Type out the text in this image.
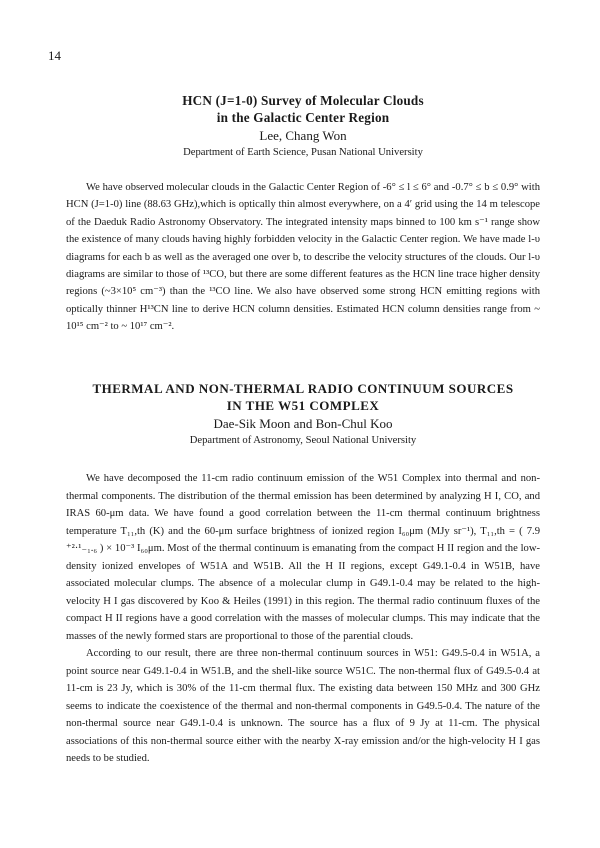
14
HCN (J=1-0) Survey of Molecular Clouds
in the Galactic Center Region
Lee, Chang Won
Department of Earth Science, Pusan National University

We have observed molecular clouds in the Galactic Center Region of -6° ≤ l ≤ 6° and -0.7° ≤ b ≤ 0.9° with HCN (J=1-0) line (88.63 GHz),which is optically thin almost everywhere, on a 4′ grid using the 14 m telescope of the Daeduk Radio Astronomy Observatory. The integrated intensity maps binned to 100 km s⁻¹ range show the existence of many clouds having highly forbidden velocity in the Galactic Center region. We have made l-υ diagrams for each b as well as the averaged one over b, to describe the velocity structures of the clouds. Our l-υ diagrams are similar to those of ¹³CO, but there are some different features as the HCN line trace higher density regions (~3×10⁵ cm⁻³) than the ¹³CO line. We also have observed some strong HCN emitting regions with optically thinner H¹³CN line to derive HCN column densities. Estimated HCN column densities range from ~ 10¹⁵ cm⁻² to ~ 10¹⁷ cm⁻².

THERMAL AND NON-THERMAL RADIO CONTINUUM SOURCES
IN THE W51 COMPLEX
Dae-Sik Moon and Bon-Chul Koo
Department of Astronomy, Seoul National University

We have decomposed the 11-cm radio continuum emission of the W51 Complex into thermal and non-thermal components. The distribution of the thermal emission has been determined by analyzing H I, CO, and IRAS 60-μm data. We have found a good correlation between the 11-cm thermal continuum brightness temperature T₁₁,th (K) and the 60-μm surface brightness of ionized region I₆₀μm (MJy sr⁻¹), T₁₁,th = ( 7.9 ⁺²·¹₋₁.₆ ) × 10⁻³ I₆₀μm. Most of the thermal continuum is emanating from the compact H II region and the low-density ionized envelopes of W51A and W51B. All the H II regions, except G49.1-0.4 in W51B, have associated molecular clumps. The absence of a molecular clump in G49.1-0.4 may be related to the high-velocity H I gas discovered by Koo & Heiles (1991) in this region. The thermal radio continuum fluxes of the compact H II regions have a good correlation with the masses of molecular clumps. This may indicate that the masses of the newly formed stars are proportional to those of the parential clouds.

According to our result, there are three non-thermal continuum sources in W51: G49.5-0.4 in W51A, a point source near G49.1-0.4 in W51.B, and the shell-like source W51C. The non-thermal flux of G49.5-0.4 at 11-cm is 23 Jy, which is 30% of the 11-cm thermal flux. The existing data between 150 MHz and 300 GHz seems to indicate the coexistence of the thermal and non-thermal components in G49.5-0.4. The nature of the non-thermal source near G49.1-0.4 is unknown. The source has a flux of 9 Jy at 11-cm. The physical associations of this non-thermal source either with the nearby X-ray emission and/or the high-velocity H I gas needs to be studied.
